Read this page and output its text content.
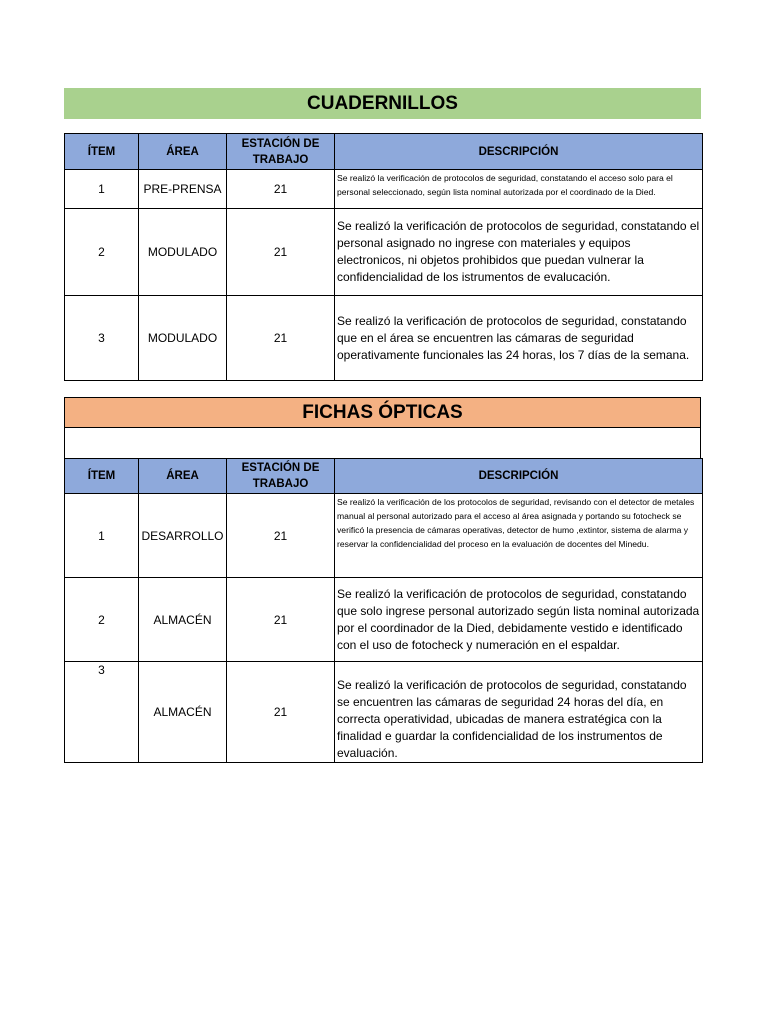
CUADERNILLOS
ÍTEM	ÁREA	ESTACIÓN DE TRABAJO	DESCRIPCIÓN
1	PRE-PRENSA	21	Se realizó la verificación de protocolos de seguridad, constatando el acceso solo para el personal seleccionado, según lista nominal autorizada por el coordinado de la Died.
2	MODULADO	21	Se realizó la verificación de protocolos de seguridad, constatando el personal asignado no ingrese con materiales y equipos electronicos, ni objetos prohibidos que puedan vulnerar la confidencialidad de los istrumentos de evalucación.
3	MODULADO	21	Se realizó la verificación de protocolos de seguridad, constatando que en el área se encuentren las cámaras de seguridad operativamente funcionales las 24 horas, los 7 días de la semana.
FICHAS ÓPTICAS
ÍTEM	ÁREA	ESTACIÓN DE TRABAJO	DESCRIPCIÓN
1	DESARROLLO	21	Se realizó la verificación de los protocolos de seguridad, revisando con el detector de metales manual al personal autorizado para el acceso al área asignada y portando su fotocheck se verificó la presencia de cámaras operativas, detector de humo ,extintor, sistema de alarma y reservar la confidencialidad del proceso en la evaluación de docentes del Minedu.
2	ALMACÉN	21	Se realizó la verificación de protocolos de seguridad, constatando que solo ingrese personal autorizado según lista nominal autorizada por el coordinador de la Died, debidamente vestido e identificado con el uso de fotocheck y numeración en el espaldar.
3	ALMACÉN	21	Se realizó la verificación de protocolos de seguridad, constatando se encuentren las cámaras de seguridad 24 horas del día, en correcta operatividad, ubicadas de manera estratégica con la finalidad e guardar la confidencialidad de los instrumentos de evaluación.
